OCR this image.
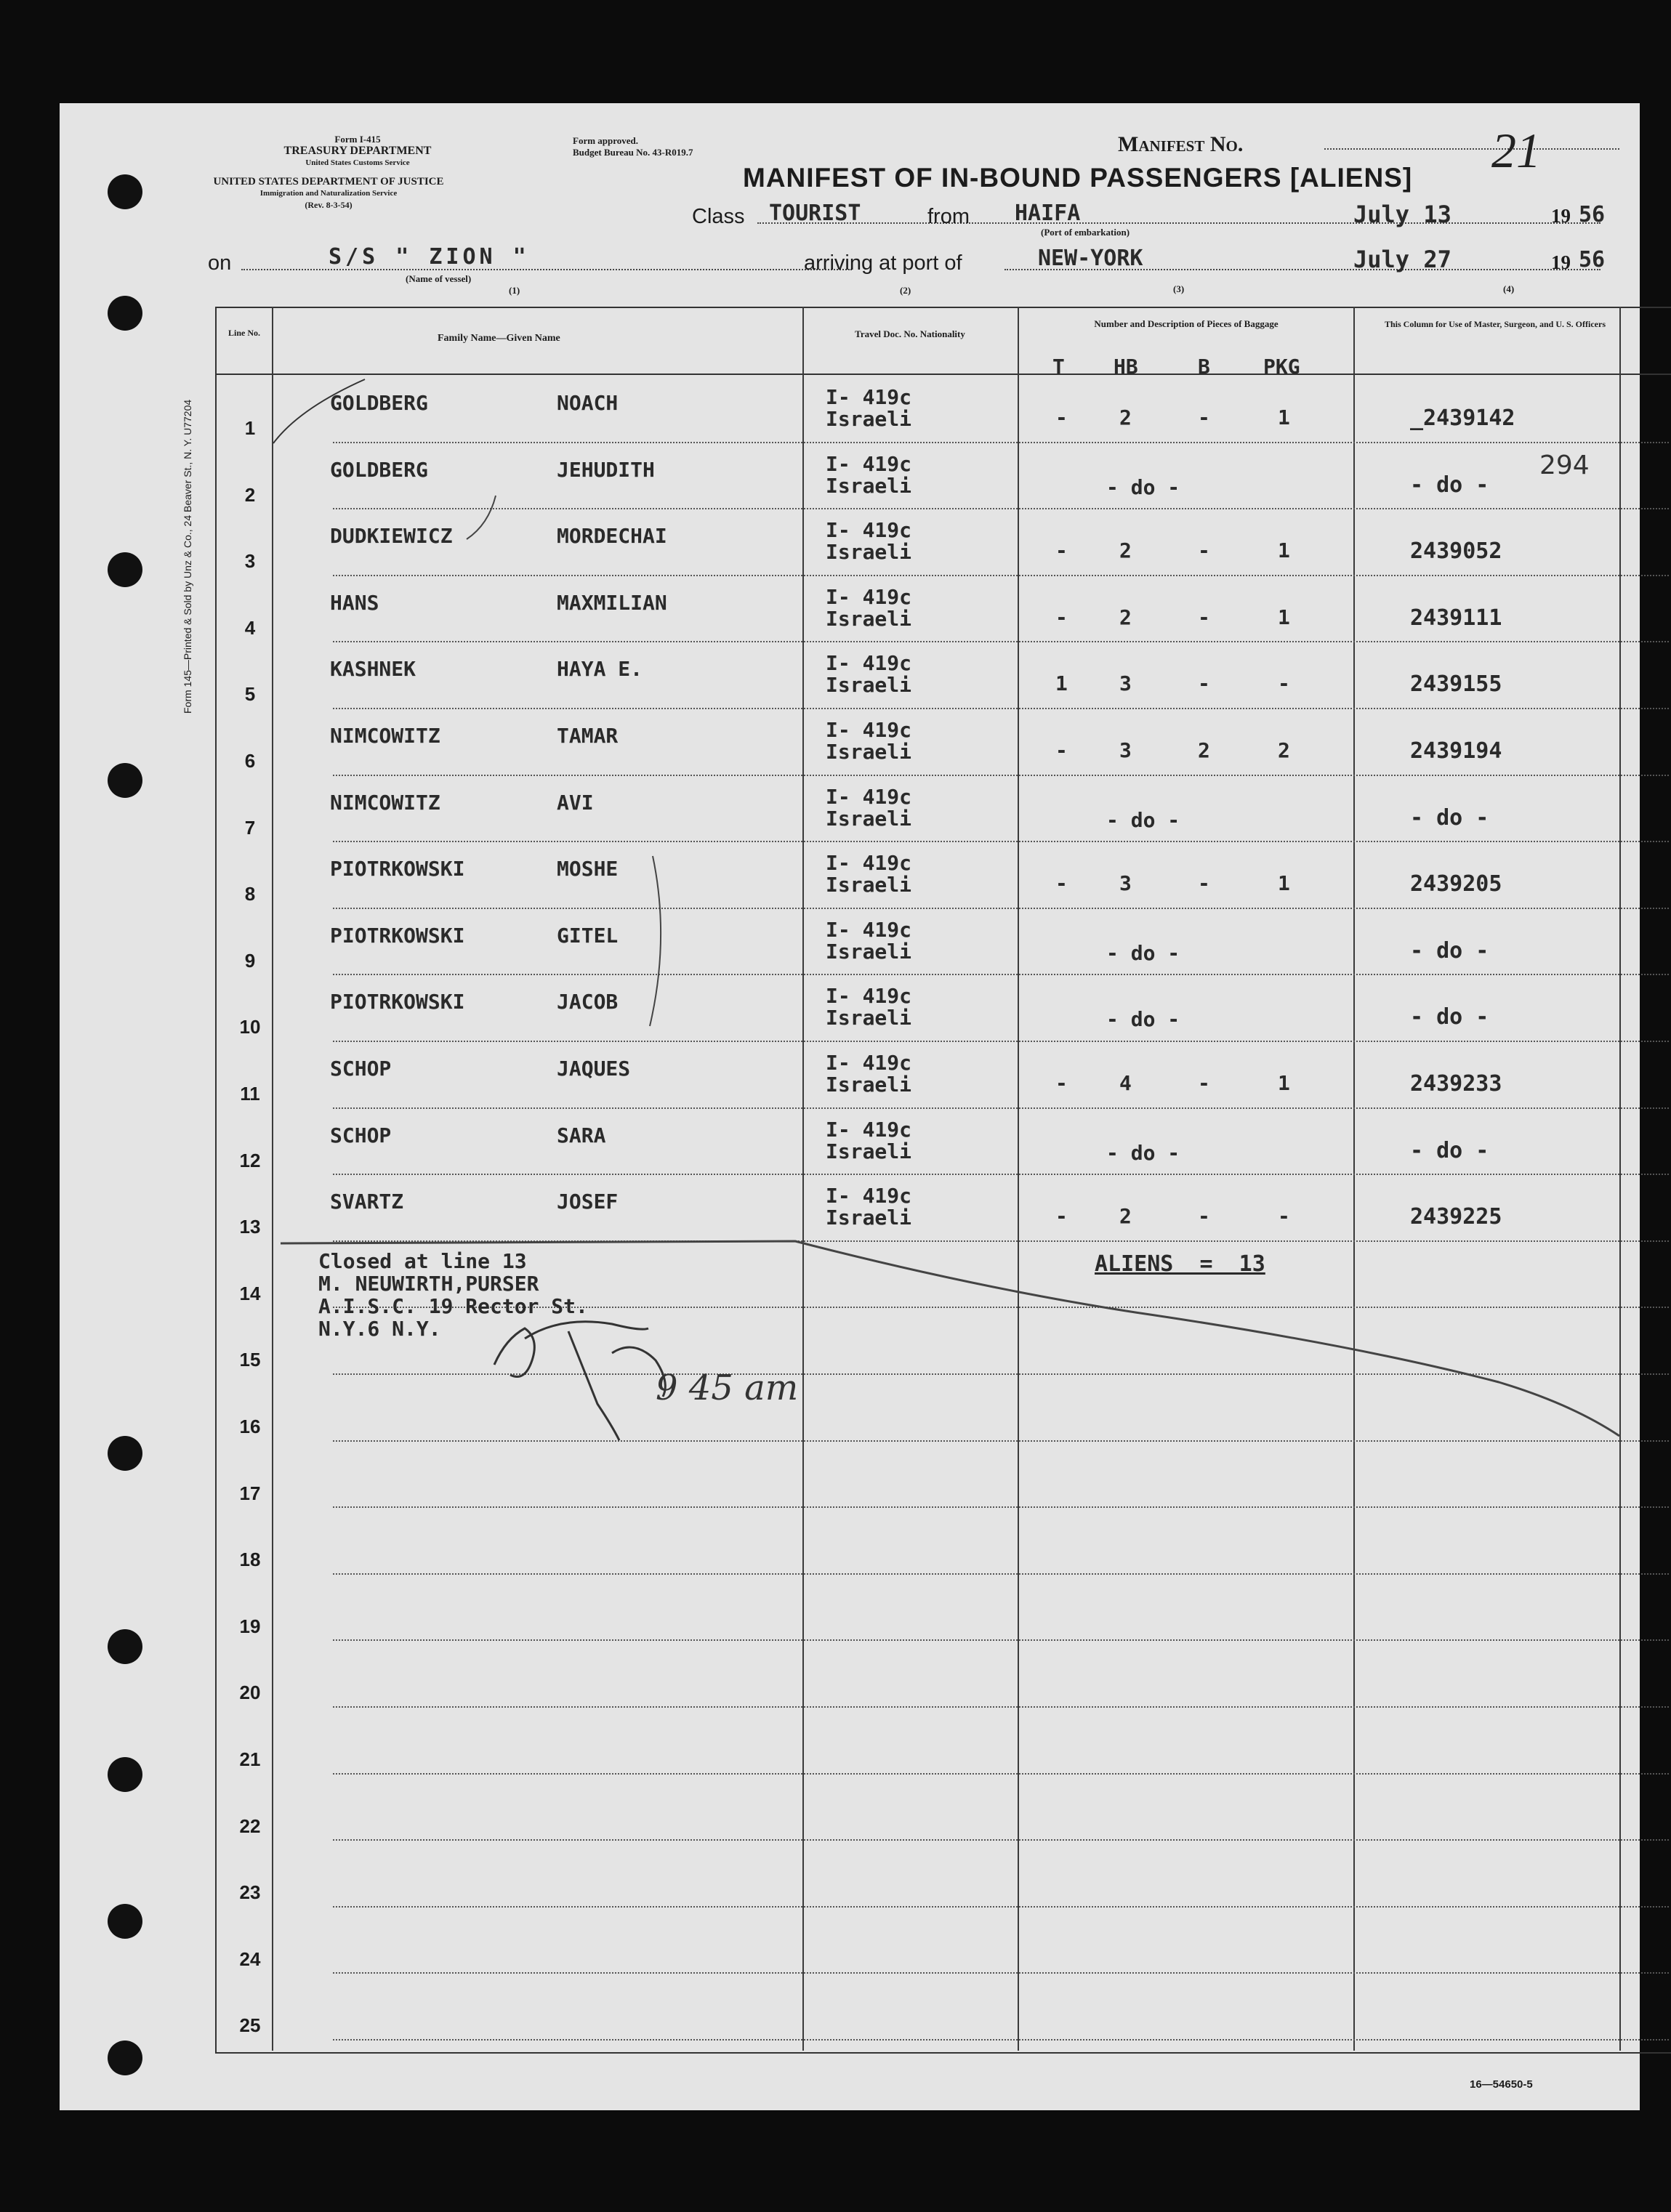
Form 145—Printed & Sold by Unz & Co., 24 Beaver St., N. Y. U77204
Form I-415
TREASURY DEPARTMENT
United States Customs Service
UNITED STATES DEPARTMENT OF JUSTICE
Immigration and Naturalization Service
(Rev. 8-3-54)
Form approved.
Budget Bureau No. 43-R019.7	Manifest No.	21
MANIFEST OF IN-BOUND PASSENGERS [ALIENS]
Class TOURIST	from HAIFA
(Port of embarkation)
July 13	19 56
on	S/S " ZION "
(Name of vessel)
(1)
arriving at port of	NEW-YORK
(3)
July 27	19 56
(4)
Line No.	Family Name—Given Name	Travel Doc. No. Nationality
(2)
Number and Description of Pieces of Baggage
T HB	B	PKG
This Column for Use of Master, Surgeon, and U. S. Officers
1
GOLDBERG	NOACH	I- 419c
Israeli	-	2	-	1	_2439142
2
GOLDBERG	JEHUDITH	I- 419c
Israeli	- do -	- do -
3
DUDKIEWICZ	MORDECHAI	I- 419c
Israeli	-	2	-	1	2439052
4
HANS	MAXMILIAN	I- 419c
Israeli	-	2	-	1	2439111
5
KASHNEK	HAYA E.	I- 419c
Israeli	1	3	-	-	2439155
6
NIMCOWITZ	TAMAR	I- 419c
Israeli	-	3	2	2	2439194
7
NIMCOWITZ	AVI	I- 419c
Israeli	- do -	- do -
8
PIOTRKOWSKI	MOSHE	I- 419c
Israeli	-	3	-	1	2439205
9
PIOTRKOWSKI	GITEL	I- 419c
Israeli	- do -	- do -
10
PIOTRKOWSKI	JACOB	I- 419c
Israeli	- do -	- do -
11
SCHOP	JAQUES	I- 419c
Israeli	-	4	-	1	2439233
12
SCHOP	SARA	I- 419c
Israeli	- do -	- do -
13
SVARTZ	JOSEF	I- 419c
Israeli	-	2	-	-	2439225
14
15
16
17
18
19
20
21
22
23
24
25
294
Closed at line 13
M. NEUWIRTH,PURSER
A.I.S.C. 19 Rector St.
N.Y.6 N.Y.
ALIENS  =  13
9 45 am
16—54650-5
